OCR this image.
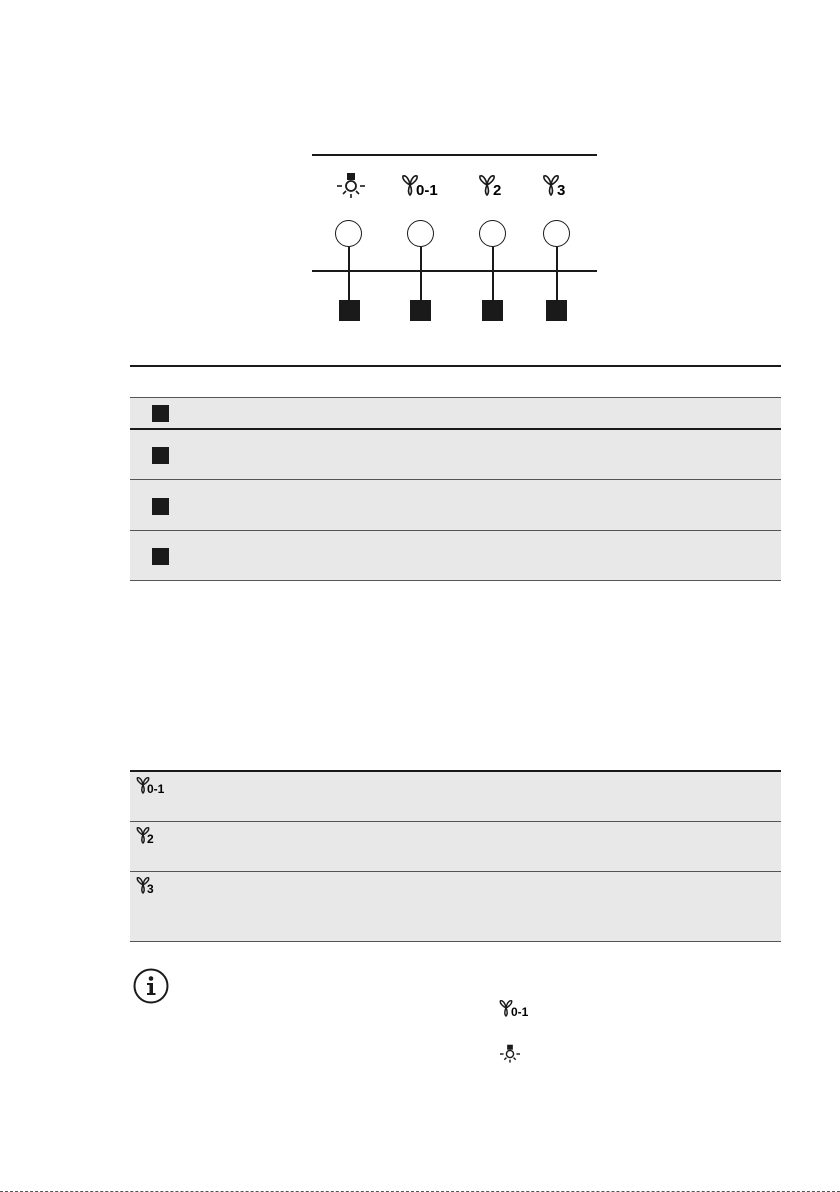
0-1	2	3
0-1
2
3
0-1
